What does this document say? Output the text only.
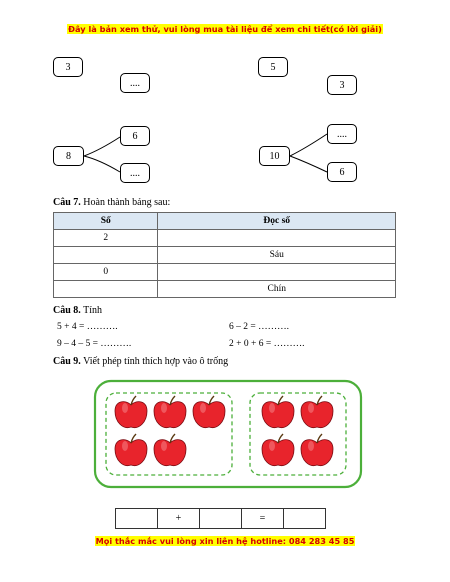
Đây là bản xem thử, vui lòng mua tài liệu để xem chi tiết(có lời giải)
3
....
5
3
8
6
....
10
....
6
Câu 7. Hoàn thành bảng sau:
Số	Đọc số
2	
	Sáu
0	
	Chín
Câu 8. Tính
5 + 4 = ……….	6 – 2 = ……….
9 – 4 – 5 = ……….	2 + 0 + 6 = ……….
Câu 9. Viết phép tính thích hợp vào ô trống
+	=
Mọi thắc mắc vui lòng xin liên hệ hotline: 084 283 45 85
